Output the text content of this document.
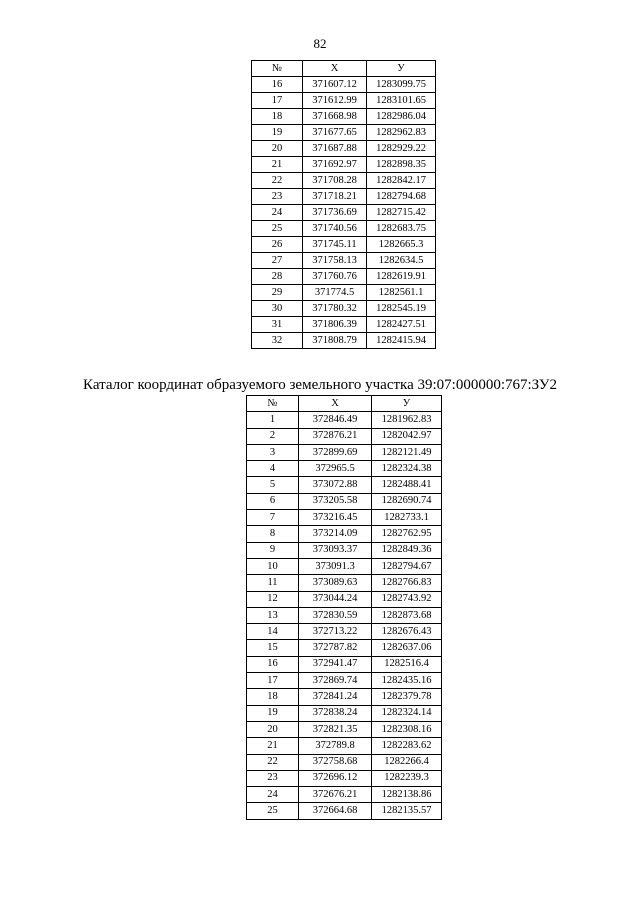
82
№	X	У
16	371607.12	1283099.75
17	371612.99	1283101.65
18	371668.98	1282986.04
19	371677.65	1282962.83
20	371687.88	1282929.22
21	371692.97	1282898.35
22	371708.28	1282842.17
23	371718.21	1282794.68
24	371736.69	1282715.42
25	371740.56	1282683.75
26	371745.11	1282665.3
27	371758.13	1282634.5
28	371760.76	1282619.91
29	371774.5	1282561.1
30	371780.32	1282545.19
31	371806.39	1282427.51
32	371808.79	1282415.94
Каталог координат образуемого земельного участка 39:07:000000:767:ЗУ2
№	X	У
1	372846.49	1281962.83
2	372876.21	1282042.97
3	372899.69	1282121.49
4	372965.5	1282324.38
5	373072.88	1282488.41
6	373205.58	1282690.74
7	373216.45	1282733.1
8	373214.09	1282762.95
9	373093.37	1282849.36
10	373091.3	1282794.67
11	373089.63	1282766.83
12	373044.24	1282743.92
13	372830.59	1282873.68
14	372713.22	1282676.43
15	372787.82	1282637.06
16	372941.47	1282516.4
17	372869.74	1282435.16
18	372841.24	1282379.78
19	372838.24	1282324.14
20	372821.35	1282308.16
21	372789.8	1282283.62
22	372758.68	1282266.4
23	372696.12	1282239.3
24	372676.21	1282138.86
25	372664.68	1282135.57
